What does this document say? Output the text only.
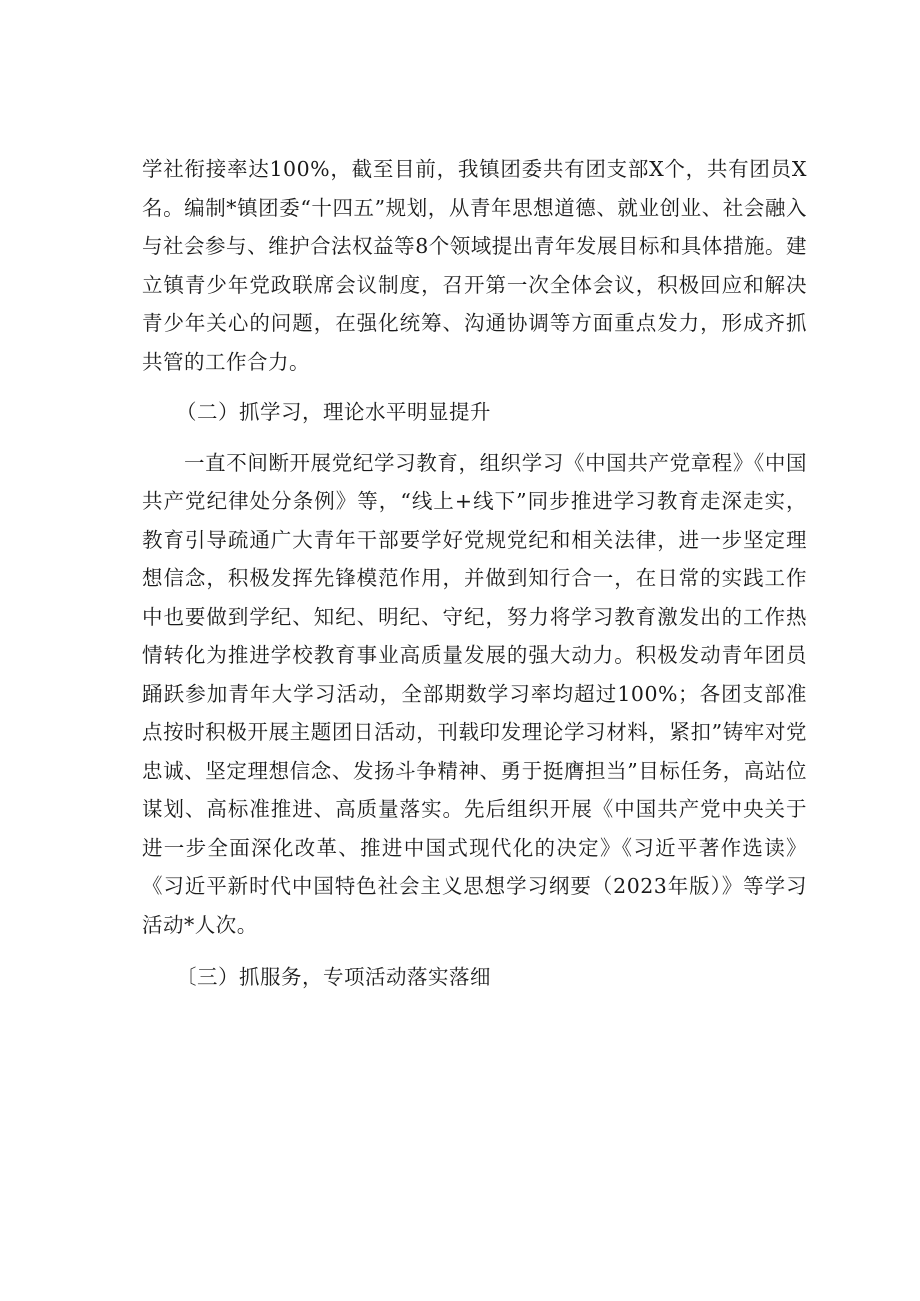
学社衔接率达100%，截至目前，我镇团委共有团支部X个，共有团员X名。编制*镇团委“十四五”规划，从青年思想道德、就业创业、社会融入与社会参与、维护合法权益等8个领域提出青年发展目标和具体措施。建立镇青少年党政联席会议制度，召开第一次全体会议，积极回应和解决青少年关心的问题，在强化统筹、沟通协调等方面重点发力，形成齐抓共管的工作合力。

（二）抓学习，理论水平明显提升

一直不间断开展党纪学习教育，组织学习《中国共产党章程》《中国共产党纪律处分条例》等，“线上+线下”同步推进学习教育走深走实，教育引导疏通广大青年干部要学好党规党纪和相关法律，进一步坚定理想信念，积极发挥先锋模范作用，并做到知行合一，在日常的实践工作中也要做到学纪、知纪、明纪、守纪，努力将学习教育激发出的工作热情转化为推进学校教育事业高质量发展的强大动力。积极发动青年团员踊跃参加青年大学习活动，全部期数学习率均超过100%；各团支部准点按时积极开展主题团日活动，刊载印发理论学习材料，紧扣”铸牢对党忠诚、坚定理想信念、发扬斗争精神、勇于挺膺担当”目标任务，高站位谋划、高标准推进、高质量落实。先后组织开展《中国共产党中央关于进一步全面深化改革、推进中国式现代化的决定》《习近平著作选读》《习近平新时代中国特色社会主义思想学习纲要（2023年版）》等学习活动*人次。

〔三）抓服务，专项活动落实落细
